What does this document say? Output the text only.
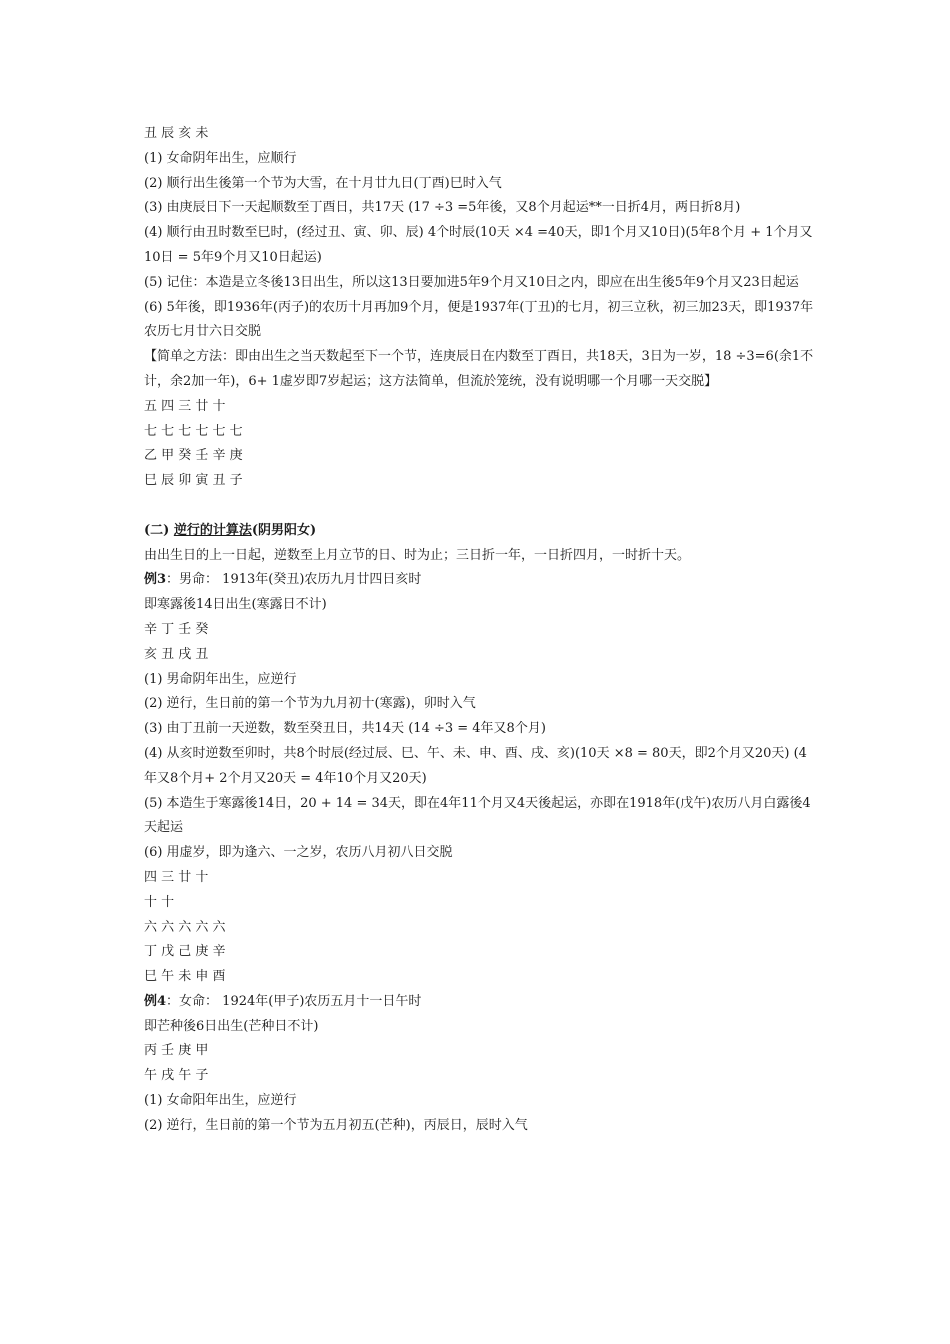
丑 辰 亥 未
(1) 女命阴年出生，应顺行
(2) 顺行出生後第一个节为大雪，在十月廿九日(丁酉)巳时入气
(3) 由庚辰日下一天起顺数至丁酉日，共17天 (17 ÷3 =5年後，又8个月起运**一日折4月，两日折8月)
(4) 顺行由丑时数至巳时，(经过丑、寅、卯、辰) 4个时辰(10天 ×4 =40天，即1个月又10日)(5年8个月 + 1个月又10日 = 5年9个月又10日起运)
(5) 记住：本造是立冬後13日出生，所以这13日要加进5年9个月又10日之内，即应在出生後5年9个月又23日起运
(6) 5年後，即1936年(丙子)的农历十月再加9个月，便是1937年(丁丑)的七月，初三立秋，初三加23天，即1937年农历七月廿六日交脱
【简单之方法：即由出生之当天数起至下一个节，连庚辰日在内数至丁酉日，共18天，3日为一岁，18 ÷3=6(余1不计，余2加一年)，6+ 1虚岁即7岁起运；这方法简单，但流於笼统，没有说明哪一个月哪一天交脱】
五 四 三 廿 十
七 七 七 七 七 七
乙 甲 癸 壬 辛 庚
巳 辰 卯 寅 丑 子
(二) 逆行的计算法(阴男阳女)
由出生日的上一日起，逆数至上月立节的日、时为止；三日折一年，一日折四月，一时折十天。
例3：男命： 1913年(癸丑)农历九月廿四日亥时
即寒露後14日出生(寒露日不计)
辛 丁 壬 癸
亥 丑 戌 丑
(1) 男命阴年出生，应逆行
(2) 逆行，生日前的第一个节为九月初十(寒露)，卯时入气
(3) 由丁丑前一天逆数，数至癸丑日，共14天 (14 ÷3 = 4年又8个月)
(4) 从亥时逆数至卯时，共8个时辰(经过辰、巳、午、未、申、酉、戌、亥)(10天 ×8 = 80天，即2个月又20天) (4年又8个月+ 2个月又20天 = 4年10个月又20天)
(5) 本造生于寒露後14日，20 + 14 = 34天，即在4年11个月又4天後起运，亦即在1918年(戊午)农历八月白露後4天起运
(6) 用虚岁，即为逢六、一之岁，农历八月初八日交脱
四 三 廿 十
十 十
六 六 六 六 六
丁 戊 己 庚 辛
巳 午 未 申 酉
例4：女命： 1924年(甲子)农历五月十一日午时
即芒种後6日出生(芒种日不计)
丙 壬 庚 甲
午 戌 午 子
(1) 女命阳年出生，应逆行
(2) 逆行，生日前的第一个节为五月初五(芒种)，丙辰日，辰时入气
